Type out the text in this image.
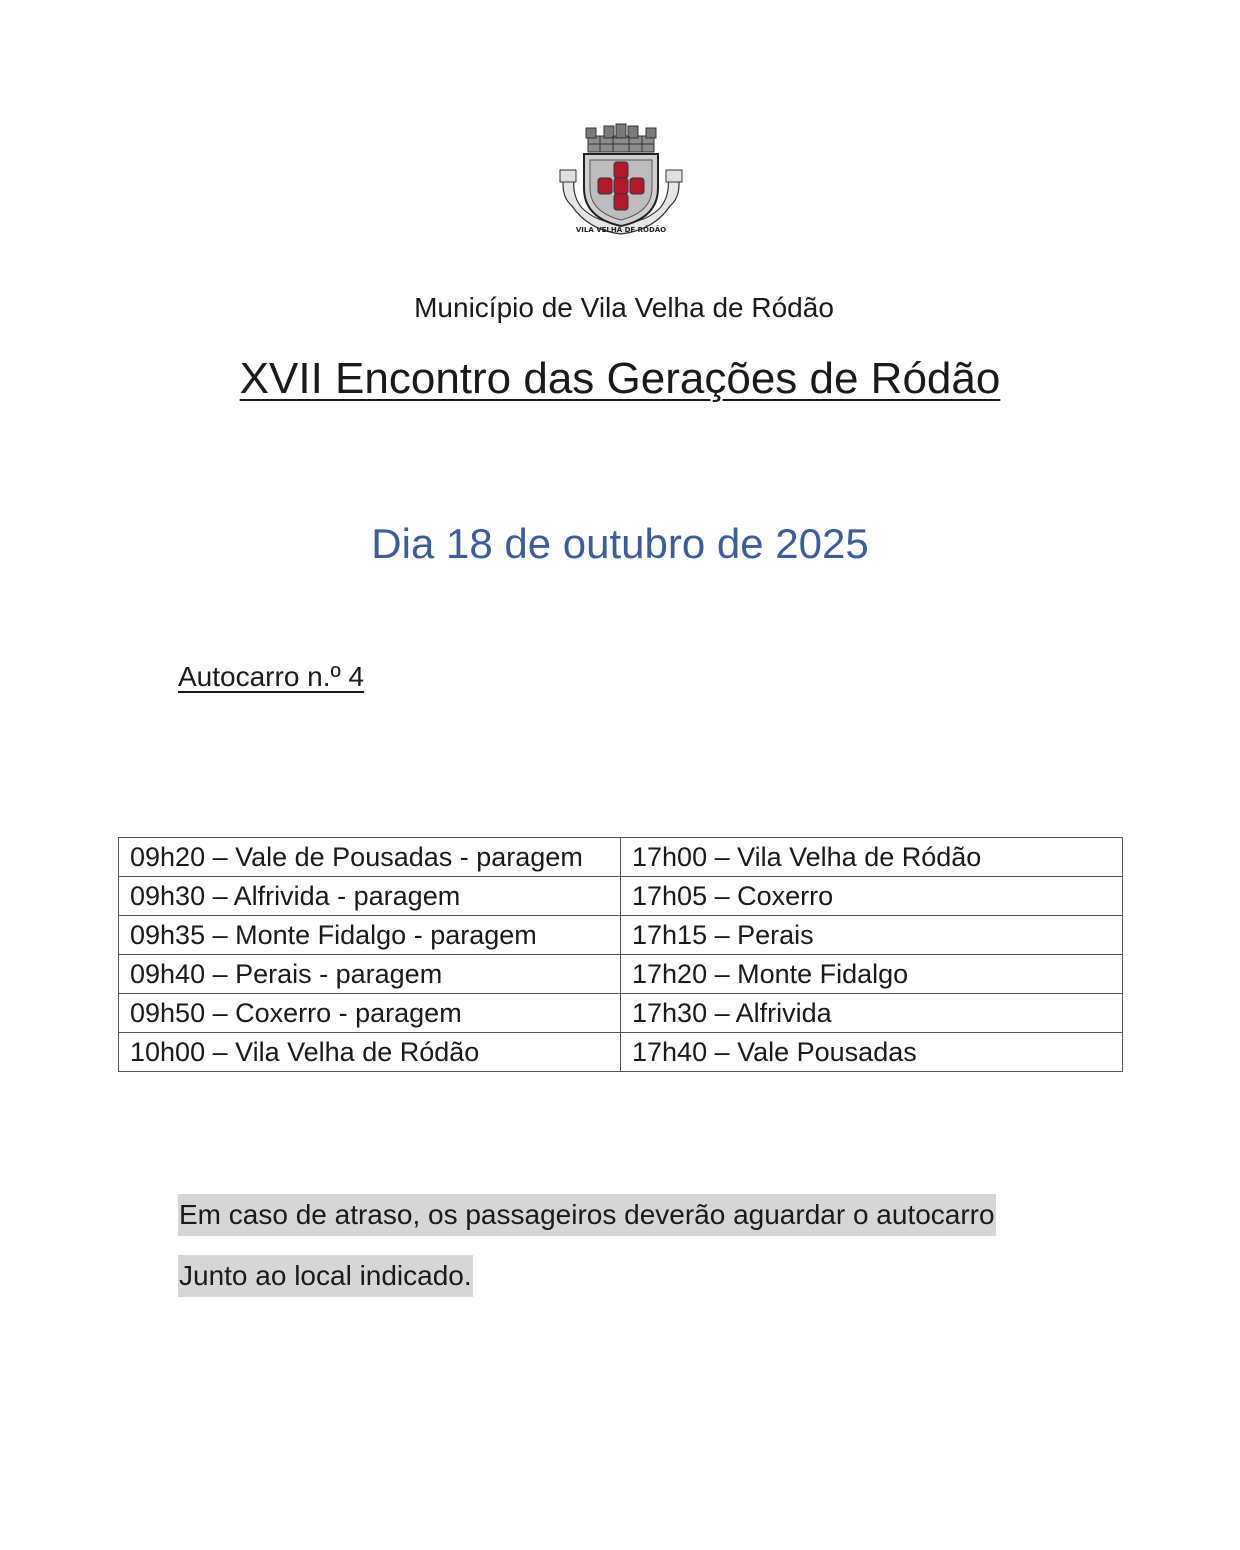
VILA VELHA DE RÓDÃO
Município de Vila Velha de Ródão
XVII Encontro das Gerações de Ródão
Dia 18 de outubro de 2025
Autocarro n.º 4
09h20 – Vale de Pousadas - paragem	17h00 – Vila Velha de Ródão
09h30 – Alfrivida - paragem	17h05 – Coxerro
09h35 – Monte Fidalgo - paragem	17h15 – Perais
09h40 – Perais - paragem	17h20 – Monte Fidalgo
09h50 – Coxerro - paragem	17h30 – Alfrivida
10h00 – Vila Velha de Ródão	17h40 – Vale Pousadas
Em caso de atraso, os passageiros deverão aguardar o autocarro
Junto ao local indicado.
